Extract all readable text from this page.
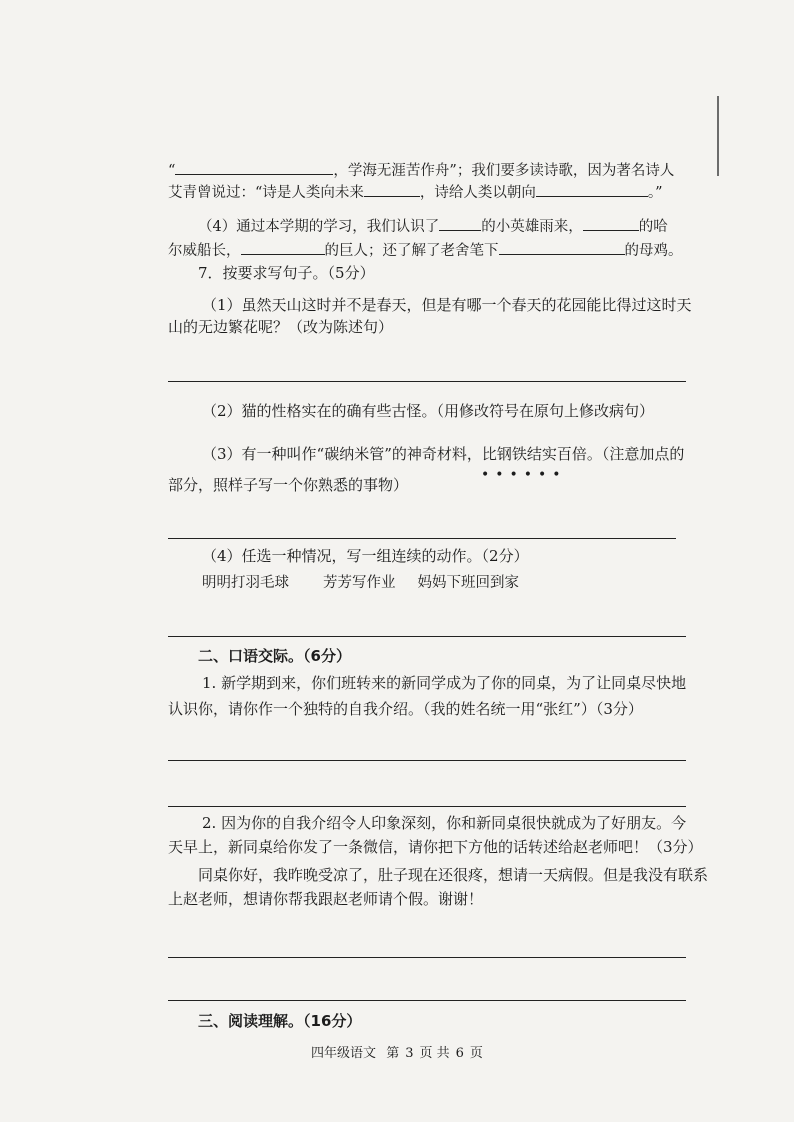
“	，学海无涯苦作舟”；我们要多读诗歌，因为著名诗人
艾青曾说过：“诗是人类向未来	，诗给人类以朝向	。”
（4）通过本学期的学习，我们认识了	的小英雄雨来，	的哈
尔威船长，	的巨人；还了解了老舍笔下	的母鸡。
7．按要求写句子。（5分）
（1）虽然天山这时并不是春天，但是有哪一个春天的花园能比得过这时天
山的无边繁花呢？（改为陈述句）
（2）猫的性格实在的确有些古怪。（用修改符号在原句上修改病句）
（3）有一种叫作“碳纳米管”的神奇材料，比钢铁结实百倍。（注意加点的
••••••
部分，照样子写一个你熟悉的事物）
（4）任选一种情况，写一组连续的动作。（2分）
明明打羽毛球 芳芳写作业 妈妈下班回到家
二、口语交际。（6分）
1. 新学期到来，你们班转来的新同学成为了你的同桌，为了让同桌尽快地
认识你，请你作一个独特的自我介绍。（我的姓名统一用“张红”）（3分）
2. 因为你的自我介绍令人印象深刻，你和新同桌很快就成为了好朋友。今
天早上，新同桌给你发了一条微信，请你把下方他的话转述给赵老师吧！（3分）
同桌你好，我昨晚受凉了，肚子现在还很疼，想请一天病假。但是我没有联系
上赵老师，想请你帮我跟赵老师请个假。谢谢！
三、阅读理解。（16分）
四年级语文 第 3 页 共 6 页
